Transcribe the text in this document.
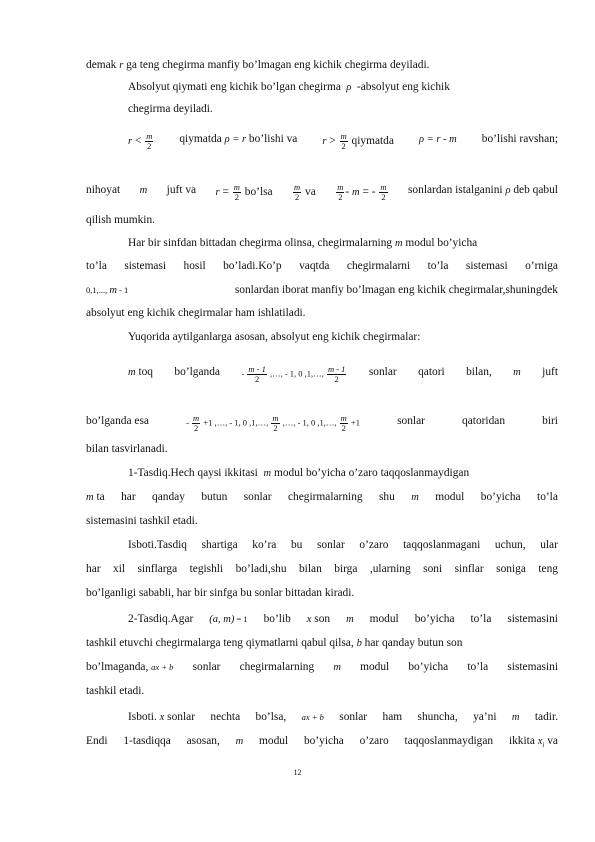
demak r ga teng chegirma manfiy bo’lmagan eng kichik chegirma deyiladi.
Absolyut qiymati eng kichik bo’lgan chegirma  ρ  -absolyut eng kichik
chegirma deyiladi.
$r < \frac{m}{2}$ qiymatda ρ = r bo’lishi va $r > \frac{m}{2}$ qiymatda ρ = r - m bo’lishi ravshan;
nihoyat m juft va $r = \frac{m}{2}$ bo’lsa $\frac{m}{2}$ va $\frac{m}{2}$ - m = - $\frac{m}{2}$ sonlardan istalganini ρ deb qabul
qilish mumkin.
Har bir sinfdan bittadan chegirma olinsa, chegirmalarning m modul bo’yicha
to’la sistemasi hosil bo’ladi.Ko’p vaqtda chegirmalarni to’la sistemasi o’rniga
0,1,..., m - 1	sonlardan iborat manfiy bo’lmagan eng kichik chegirmalar,shuningdek
absolyut eng kichik chegirmalar ham ishlatiladi.
Yuqorida aytilganlarga asosan, absolyut eng kichik chegirmalar:
m toq bo’lganda	- $\frac{m - 1}{2}$ ,…, - 1, 0 ,1,…, $\frac{m - 1}{2}$ sonlar qatori bilan, m juft
bo’lganda esa	- $\frac{m}{2} +1$ ,…, - 1, 0 ,1,…, $\frac{m}{2}$ ,…, - 1, 0 ,1,…, $\frac{m}{2} +1$	sonlar	qatoridan	biri
bilan tasvirlanadi.
1-Tasdiq.Hech qaysi ikkitasi  m modul bo’yicha o’zaro taqqoslanmaydigan
m ta har qanday butun sonlar chegirmalarning shu m modul bo’yicha to’la
sistemasini tashkil etadi.
Isboti.Tasdiq shartiga ko’ra bu sonlar o’zaro taqqoslanmagani uchun, ular
har xil sinflarga tegishli bo’ladi,shu bilan birga ,ularning soni sinflar soniga teng
bo’lganligi sababli, har bir sinfga bu sonlar bittadan kiradi.
2-Tasdiq.Agar (a, m) = 1 bo’lib x son m modul bo’yicha to’la sistemasini
tashkil etuvchi chegirmalarga teng qiymatlarni qabul qilsa, b har qanday butun son
bo’lmaganda, ax + b sonlar chegirmalarning m modul bo’yicha to’la sistemasini
tashkil etadi.
Isboti. x sonlar nechta bo’lsa, ax + b sonlar ham shuncha, ya’ni m tadir.
Endi 1-tasdiqqa asosan, m modul bo’yicha o’zaro taqqoslanmaydigan ikkita $x_i$ va
12
